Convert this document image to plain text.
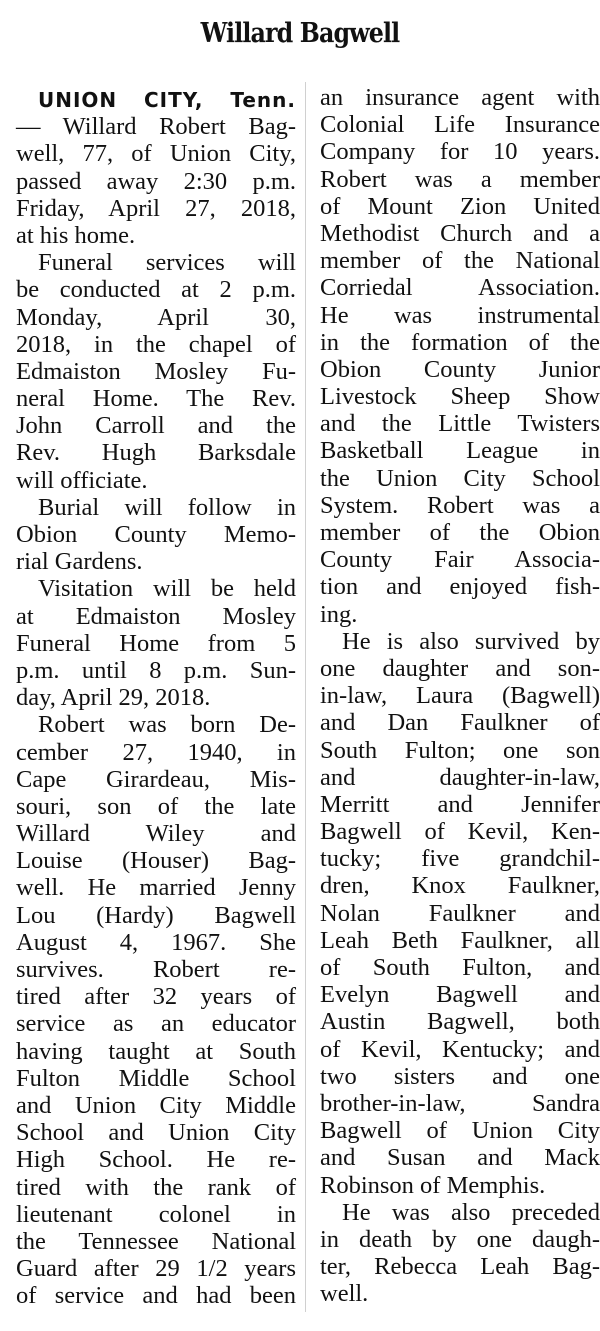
Willard Bagwell
UNION CITY, Tenn.
— Willard Robert Bag-
well, 77, of Union City,
passed away 2:30 p.m.
Friday, April 27, 2018,
at his home.
Funeral services will
be conducted at 2 p.m.
Monday, April 30,
2018, in the chapel of
Edmaiston Mosley Fu-
neral Home. The Rev.
John Carroll and the
Rev. Hugh Barksdale
will officiate.
Burial will follow in
Obion County Memo-
rial Gardens.
Visitation will be held
at Edmaiston Mosley
Funeral Home from 5
p.m. until 8 p.m. Sun-
day, April 29, 2018.
Robert was born De-
cember 27, 1940, in
Cape Girardeau, Mis-
souri, son of the late
Willard Wiley and
Louise (Houser) Bag-
well. He married Jenny
Lou (Hardy) Bagwell
August 4, 1967. She
survives. Robert re-
tired after 32 years of
service as an educator
having taught at South
Fulton Middle School
and Union City Middle
School and Union City
High School. He re-
tired with the rank of
lieutenant colonel in
the Tennessee National
Guard after 29 1/2 years
of service and had been
an insurance agent with
Colonial Life Insurance
Company for 10 years.
Robert was a member
of Mount Zion United
Methodist Church and a
member of the National
Corriedal Association.
He was instrumental
in the formation of the
Obion County Junior
Livestock Sheep Show
and the Little Twisters
Basketball League in
the Union City School
System. Robert was a
member of the Obion
County Fair Associa-
tion and enjoyed fish-
ing.
He is also survived by
one daughter and son-
in-law, Laura (Bagwell)
and Dan Faulkner of
South Fulton; one son
and daughter-in-law,
Merritt and Jennifer
Bagwell of Kevil, Ken-
tucky; five grandchil-
dren, Knox Faulkner,
Nolan Faulkner and
Leah Beth Faulkner, all
of South Fulton, and
Evelyn Bagwell and
Austin Bagwell, both
of Kevil, Kentucky; and
two sisters and one
brother-in-law, Sandra
Bagwell of Union City
and Susan and Mack
Robinson of Memphis.
He was also preceded
in death by one daugh-
ter, Rebecca Leah Bag-
well.
